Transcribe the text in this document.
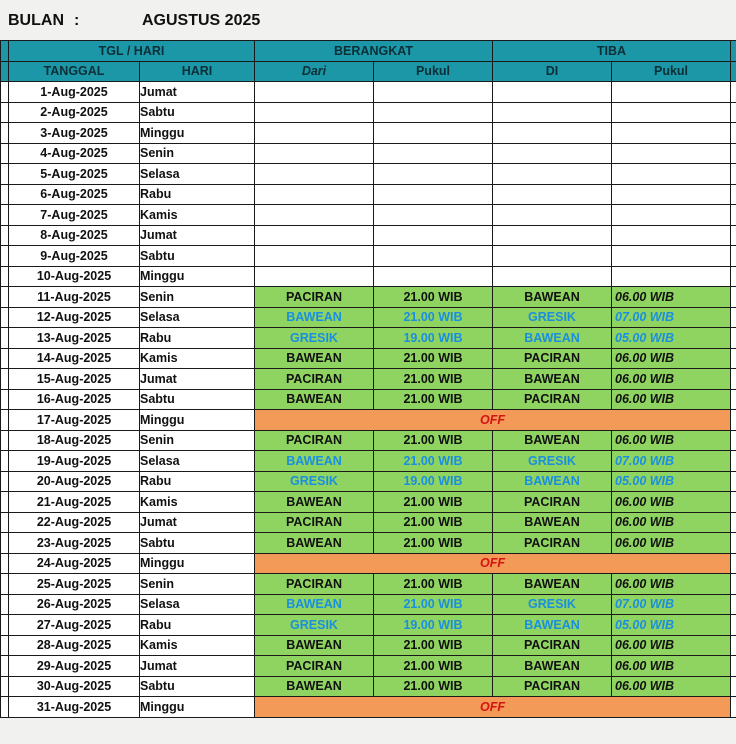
BULAN :	AGUSTUS 2025
	TGL / HARI		BERANGKAT		TIBA		
	TANGGAL	HARI	Dari	Pukul	DI	Pukul	
	1-Aug-2025	Jumat					
	2-Aug-2025	Sabtu					
	3-Aug-2025	Minggu					
	4-Aug-2025	Senin					
	5-Aug-2025	Selasa					
	6-Aug-2025	Rabu					
	7-Aug-2025	Kamis					
	8-Aug-2025	Jumat					
	9-Aug-2025	Sabtu					
	10-Aug-2025	Minggu					
	11-Aug-2025	Senin	PACIRAN	21.00 WIB	BAWEAN	06.00 WIB	
	12-Aug-2025	Selasa	BAWEAN	21.00 WIB	GRESIK	07.00 WIB	
	13-Aug-2025	Rabu	GRESIK	19.00 WIB	BAWEAN	05.00 WIB	
	14-Aug-2025	Kamis	BAWEAN	21.00 WIB	PACIRAN	06.00 WIB	
	15-Aug-2025	Jumat	PACIRAN	21.00 WIB	BAWEAN	06.00 WIB	
	16-Aug-2025	Sabtu	BAWEAN	21.00 WIB	PACIRAN	06.00 WIB	
	17-Aug-2025	Minggu	OFF				
	18-Aug-2025	Senin	PACIRAN	21.00 WIB	BAWEAN	06.00 WIB	
	19-Aug-2025	Selasa	BAWEAN	21.00 WIB	GRESIK	07.00 WIB	
	20-Aug-2025	Rabu	GRESIK	19.00 WIB	BAWEAN	05.00 WIB	
	21-Aug-2025	Kamis	BAWEAN	21.00 WIB	PACIRAN	06.00 WIB	
	22-Aug-2025	Jumat	PACIRAN	21.00 WIB	BAWEAN	06.00 WIB	
	23-Aug-2025	Sabtu	BAWEAN	21.00 WIB	PACIRAN	06.00 WIB	
	24-Aug-2025	Minggu	OFF				
	25-Aug-2025	Senin	PACIRAN	21.00 WIB	BAWEAN	06.00 WIB	
	26-Aug-2025	Selasa	BAWEAN	21.00 WIB	GRESIK	07.00 WIB	
	27-Aug-2025	Rabu	GRESIK	19.00 WIB	BAWEAN	05.00 WIB	
	28-Aug-2025	Kamis	BAWEAN	21.00 WIB	PACIRAN	06.00 WIB	
	29-Aug-2025	Jumat	PACIRAN	21.00 WIB	BAWEAN	06.00 WIB	
	30-Aug-2025	Sabtu	BAWEAN	21.00 WIB	PACIRAN	06.00 WIB	
	31-Aug-2025	Minggu	OFF				
